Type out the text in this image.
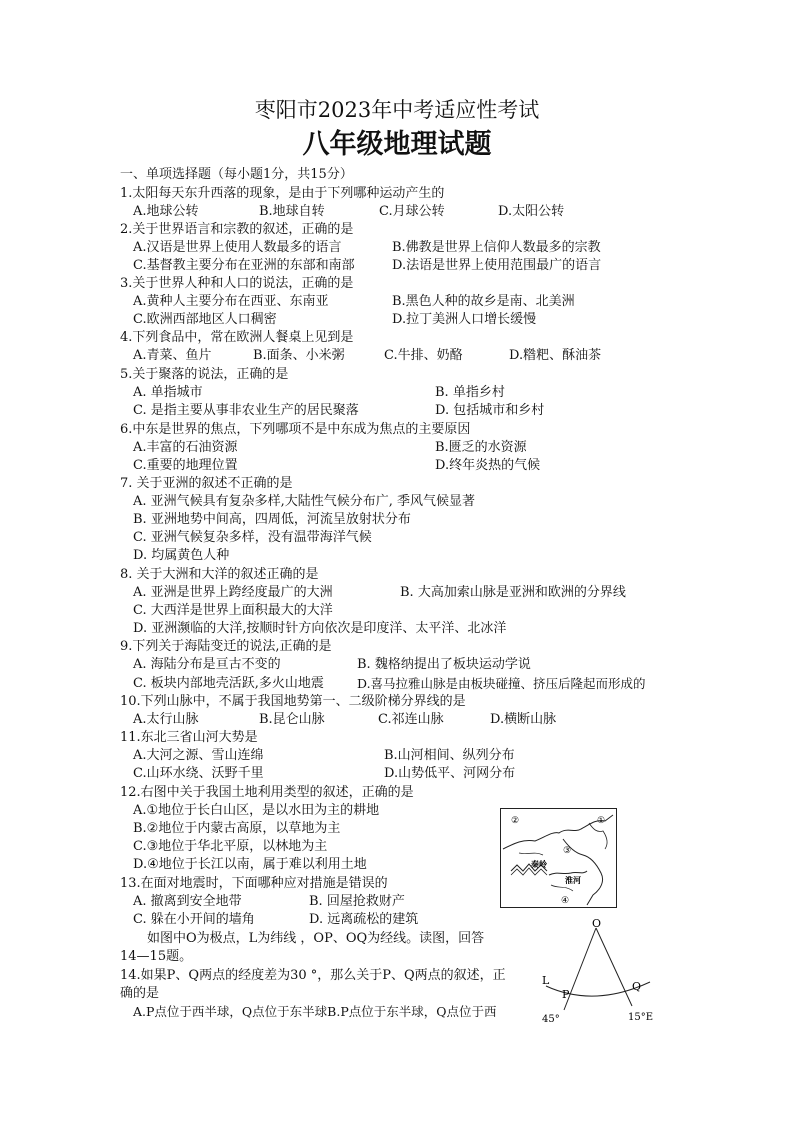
枣阳市2023年中考适应性考试
八年级地理试题
一、单项选择题（每小题1分，共15分）
1.太阳每天东升西落的现象，是由于下列哪种运动产生的
A.地球公转	B.地球自转	C.月球公转	D.太阳公转
2.关于世界语言和宗教的叙述，正确的是
A.汉语是世界上使用人数最多的语言	B.佛教是世界上信仰人数最多的宗教
C.基督教主要分布在亚洲的东部和南部	D.法语是世界上使用范围最广的语言
3.关于世界人种和人口的说法，正确的是
A.黄种人主要分布在西亚、东南亚	B.黑色人种的故乡是南、北美洲
C.欧洲西部地区人口稠密	D.拉丁美洲人口增长缓慢
4.下列食品中，常在欧洲人餐桌上见到是
A.青菜、鱼片	B.面条、小米粥	C.牛排、奶酪	D.糌粑、酥油茶
5.关于聚落的说法，正确的是
A. 单指城市	B. 单指乡村
C. 是指主要从事非农业生产的居民聚落	D. 包括城市和乡村
6.中东是世界的焦点，下列哪项不是中东成为焦点的主要原因
A.丰富的石油资源	B.匮乏的水资源
C.重要的地理位置	D.终年炎热的气候
7. 关于亚洲的叙述不正确的是
A. 亚洲气候具有复杂多样,大陆性气候分布广, 季风气候显著
B. 亚洲地势中间高，四周低，河流呈放射状分布
C. 亚洲气候复杂多样，没有温带海洋气候
D. 均属黄色人种
8. 关于大洲和大洋的叙述正确的是
A. 亚洲是世界上跨经度最广的大洲	B. 大高加索山脉是亚洲和欧洲的分界线
C. 大西洋是世界上面积最大的大洋
D. 亚洲濒临的大洋,按顺时针方向依次是印度洋、太平洋、北冰洋
9.下列关于海陆变迁的说法,正确的是
A. 海陆分布是亘古不变的	B. 魏格纳提出了板块运动学说
C. 板块内部地壳活跃,多火山地震	D.喜马拉雅山脉是由板块碰撞、挤压后隆起而形成的
10.下列山脉中，不属于我国地势第一、二级阶梯分界线的是
A.太行山脉	B.昆仑山脉	C.祁连山脉	D.横断山脉
11.东北三省山河大势是
A.大河之源、雪山连绵	B.山河相间、纵列分布
C.山环水绕、沃野千里	D.山势低平、河网分布
12.右图中关于我国土地利用类型的叙述，正确的是
A.①地位于长白山区，是以水田为主的耕地
B.②地位于内蒙古高原，以草地为主
C.③地位于华北平原，以林地为主
D.④地位于长江以南，属于难以利用土地
13.在面对地震时，下面哪种应对措施是错误的
A. 撤离到安全地带	B. 回屋抢救财产
C. 躲在小开间的墙角	D. 远离疏松的建筑
如图中O为极点，L为纬线 ，OP、OQ为经线。读图，回答
14—15题。
14.如果P、Q两点的经度差为30 °，那么关于P、Q两点的叙述，正
确的是
A.P点位于西半球，Q点位于东半球B.P点位于东半球，Q点位于西
②	①
③
④
秦岭
淮河
O
L
P
Q
45°	15°E
